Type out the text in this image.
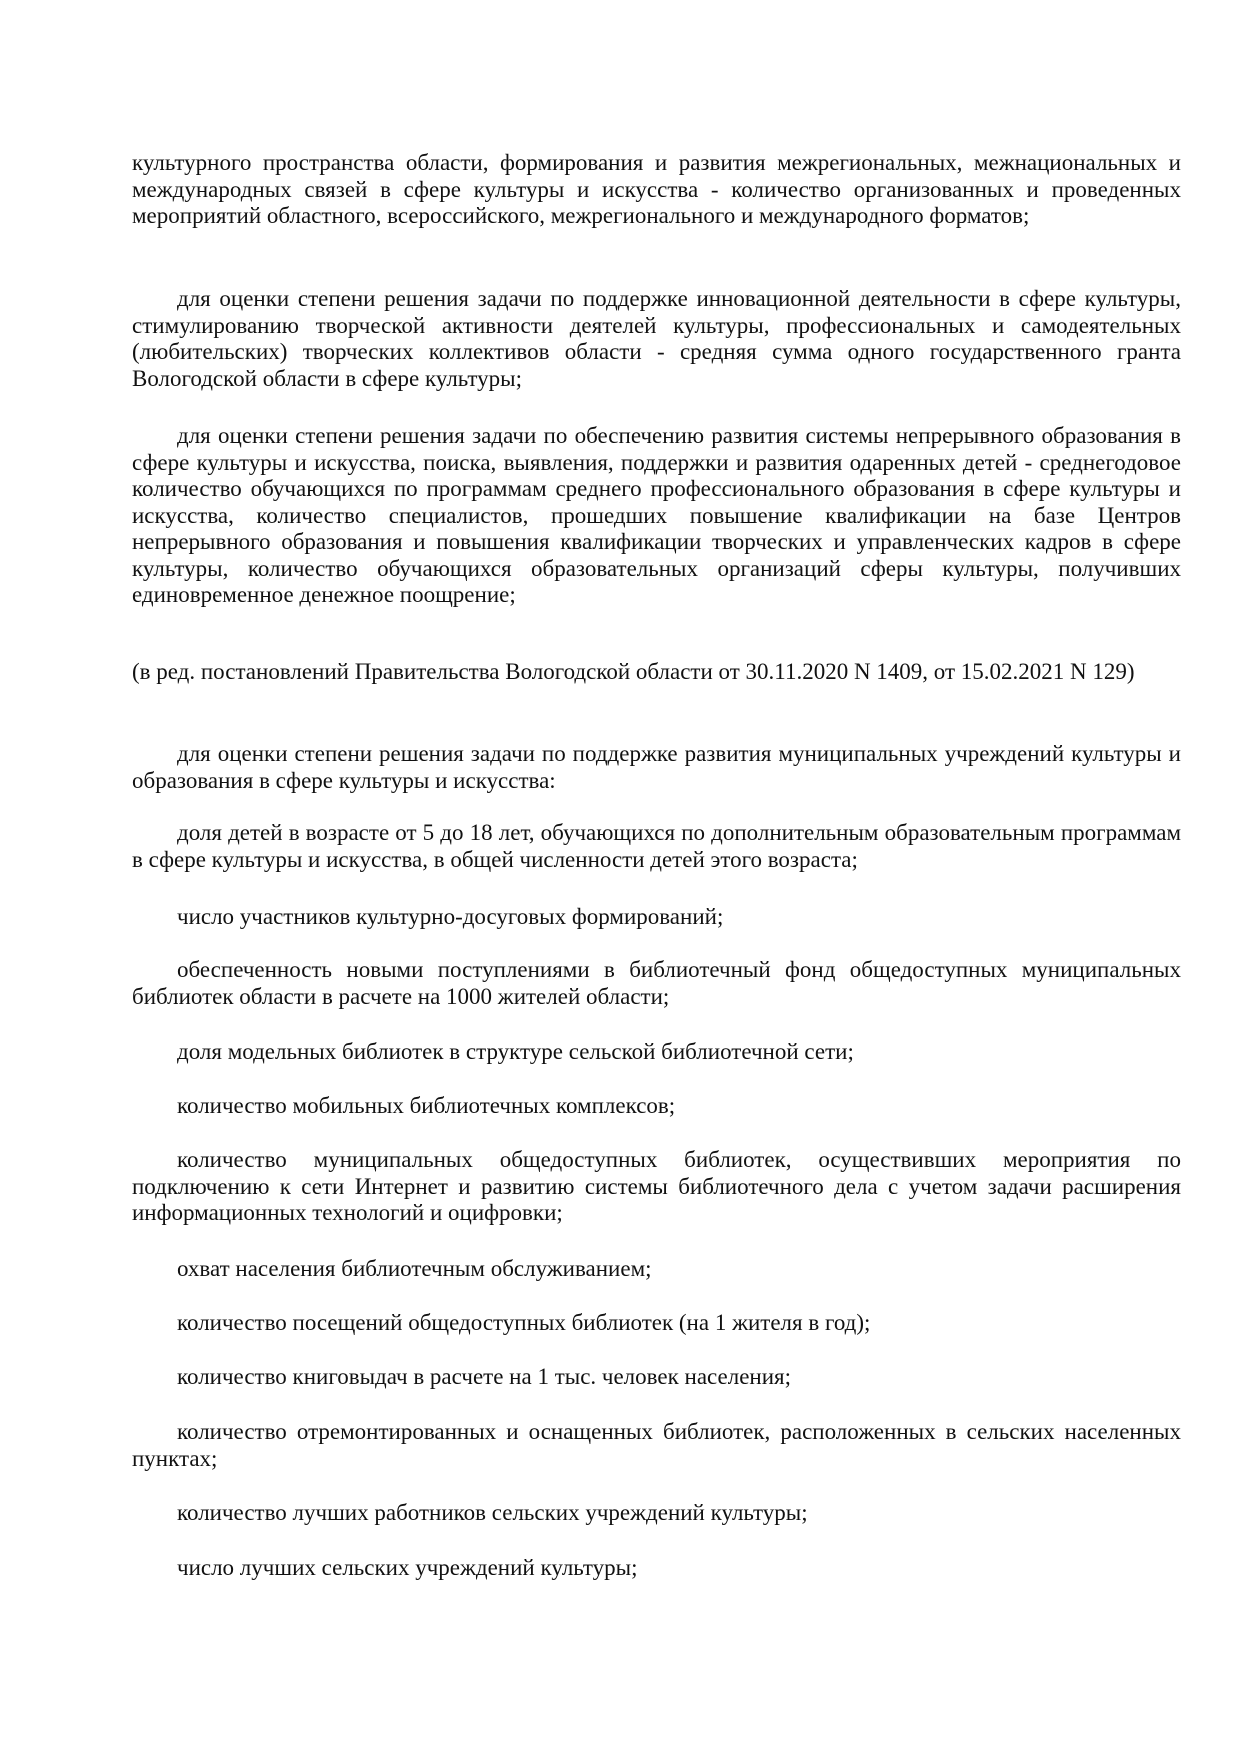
культурного пространства области, формирования и развития межрегиональных, межнациональных и международных связей в сфере культуры и искусства - количество организованных и проведенных мероприятий областного, всероссийского, межрегионального и международного форматов;

для оценки степени решения задачи по поддержке инновационной деятельности в сфере культуры, стимулированию творческой активности деятелей культуры, профессиональных и самодеятельных (любительских) творческих коллективов области - средняя сумма одного государственного гранта Вологодской области в сфере культуры;

для оценки степени решения задачи по обеспечению развития системы непрерывного образования в сфере культуры и искусства, поиска, выявления, поддержки и развития одаренных детей - среднегодовое количество обучающихся по программам среднего профессионального образования в сфере культуры и искусства, количество специалистов, прошедших повышение квалификации на базе Центров непрерывного образования и повышения квалификации творческих и управленческих кадров в сфере культуры, количество обучающихся образовательных организаций сферы культуры, получивших единовременное денежное поощрение;

(в ред. постановлений Правительства Вологодской области от 30.11.2020 N 1409, от 15.02.2021 N 129)

для оценки степени решения задачи по поддержке развития муниципальных учреждений культуры и образования в сфере культуры и искусства:

доля детей в возрасте от 5 до 18 лет, обучающихся по дополнительным образовательным программам в сфере культуры и искусства, в общей численности детей этого возраста;

число участников культурно-досуговых формирований;

обеспеченность новыми поступлениями в библиотечный фонд общедоступных муниципальных библиотек области в расчете на 1000 жителей области;

доля модельных библиотек в структуре сельской библиотечной сети;

количество мобильных библиотечных комплексов;

количество муниципальных общедоступных библиотек, осуществивших мероприятия по подключению к сети Интернет и развитию системы библиотечного дела с учетом задачи расширения информационных технологий и оцифровки;

охват населения библиотечным обслуживанием;

количество посещений общедоступных библиотек (на 1 жителя в год);

количество книговыдач в расчете на 1 тыс. человек населения;

количество отремонтированных и оснащенных библиотек, расположенных в сельских населенных пунктах;

количество лучших работников сельских учреждений культуры;

число лучших сельских учреждений культуры;
